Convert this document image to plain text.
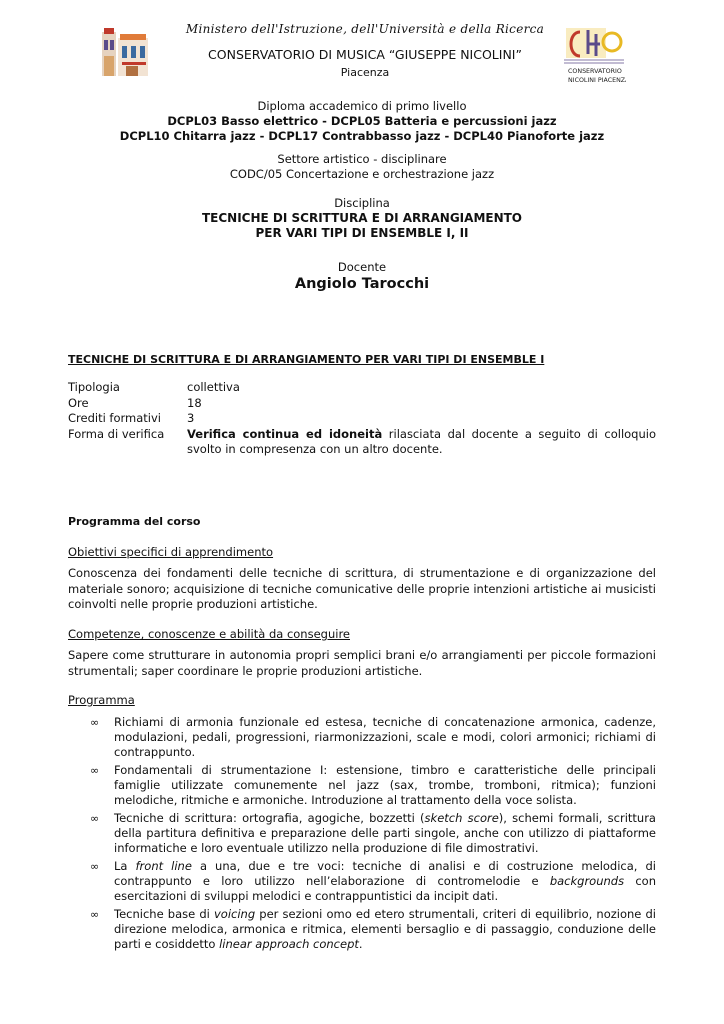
Ministero dell'Istruzione, dell'Università e della Ricerca
CONSERVATORIO DI MUSICA “GIUSEPPE NICOLINI”
Piacenza	CONSERVATORIO
NICOLINI PIACENZA
Diploma accademico di primo livello
DCPL03 Basso elettrico - DCPL05 Batteria e percussioni jazz
DCPL10 Chitarra jazz - DCPL17 Contrabbasso jazz - DCPL40 Pianoforte jazz
Settore artistico - disciplinare
CODC/05 Concertazione e orchestrazione jazz
Disciplina
TECNICHE DI SCRITTURA E DI ARRANGIAMENTO
PER VARI TIPI DI ENSEMBLE I, II
Docente
Angiolo Tarocchi
TECNICHE DI SCRITTURA E DI ARRANGIAMENTO PER VARI TIPI DI ENSEMBLE I
Tipologia	collettiva
Ore	18
Crediti formativi	3
Forma di verifica	Verifica continua ed idoneità rilasciata dal docente a seguito di colloquio svolto in compresenza con un altro docente.
Programma del corso
Obiettivi specifici di apprendimento
Conoscenza dei fondamenti delle tecniche di scrittura, di strumentazione e di organizzazione del materiale sonoro; acquisizione di tecniche comunicative delle proprie intenzioni artistiche ai musicisti coinvolti nelle proprie produzioni artistiche.
Competenze, conoscenze e abilità da conseguire
Sapere come strutturare in autonomia propri semplici brani e/o arrangiamenti per piccole formazioni strumentali; saper coordinare le proprie produzioni artistiche.
Programma
∞ Richiami di armonia funzionale ed estesa, tecniche di concatenazione armonica, cadenze, modulazioni, pedali, progressioni, riarmonizzazioni, scale e modi, colori armonici; richiami di contrappunto.
∞ Fondamentali di strumentazione I: estensione, timbro e caratteristiche delle principali famiglie utilizzate comunemente nel jazz (sax, trombe, tromboni, ritmica); funzioni melodiche, ritmiche e armoniche. Introduzione al trattamento della voce solista.
∞ Tecniche di scrittura: ortografia, agogiche, bozzetti (sketch score), schemi formali, scrittura della partitura definitiva e preparazione delle parti singole, anche con utilizzo di piattaforme informatiche e loro eventuale utilizzo nella produzione di file dimostrativi.
∞ La front line a una, due e tre voci: tecniche di analisi e di costruzione melodica, di contrappunto e loro utilizzo nell’elaborazione di contromelodie e backgrounds con esercitazioni di sviluppi melodici e contrappuntistici da incipit dati.
∞ Tecniche base di voicing per sezioni omo ed etero strumentali, criteri di equilibrio, nozione di direzione melodica, armonica e ritmica, elementi bersaglio e di passaggio, conduzione delle parti e cosiddetto linear approach concept.
